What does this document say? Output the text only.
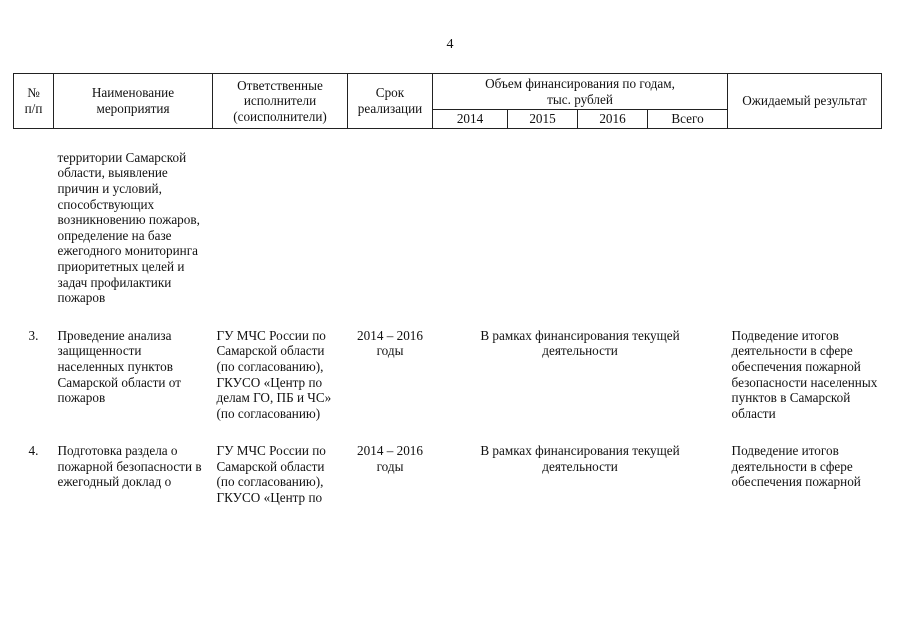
4
№
п/п	Наименование мероприятия	Ответственные исполнители (соисполнители)	Срок реализации	Объем финансирования по годам, тыс. рублей				Ожидаемый результат
				2014	2015	2016	Всего	
	территории Самарской области, выявление причин и условий, способствующих возникновению пожаров, определение на базе ежегодного мониторинга приоритетных целей и задач профилактики пожаров							

3.	Проведение анализа защищенности населенных пунктов Самарской области от пожаров	ГУ МЧС России по Самарской области (по согласованию), ГКУСО «Центр по делам ГО, ПБ и ЧС» (по согласованию)	2014 – 2016 годы	В рамках финансирования текущей деятельности				Подведение итогов деятельности в сфере обеспечения пожарной безопасности населенных пунктов в Самарской области

4.	Подготовка раздела о пожарной безопасности в ежегодный доклад о	ГУ МЧС России по Самарской области (по согласованию), ГКУСО «Центр по	2014 – 2016 годы	В рамках финансирования текущей деятельности				Подведение итогов деятельности в сфере обеспечения пожарной
